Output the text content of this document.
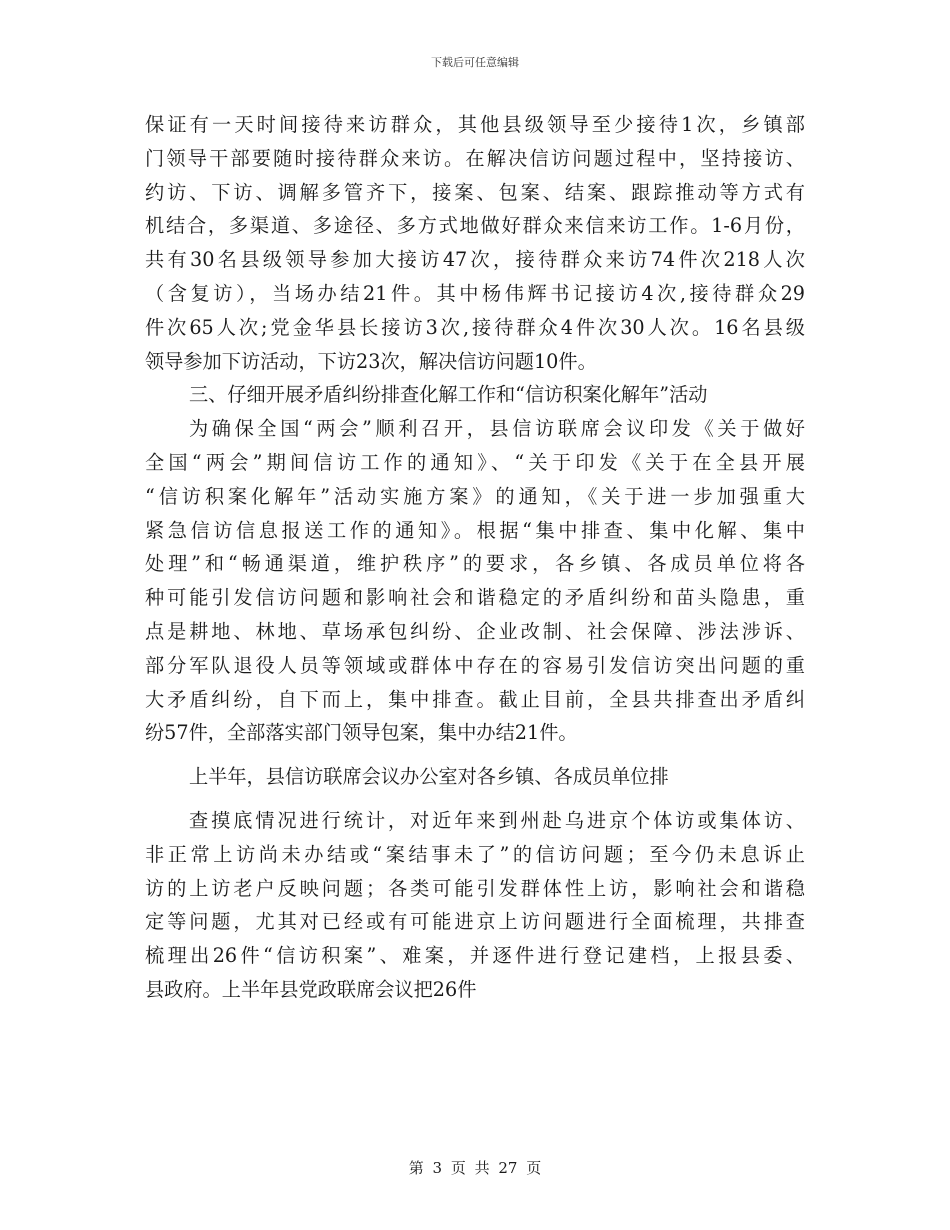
下载后可任意编辑
保证有一天时间接待来访群众，其他县级领导至少接待1次，乡镇部
门领导干部要随时接待群众来访。在解决信访问题过程中，坚持接访、
约访、下访、调解多管齐下，接案、包案、结案、跟踪推动等方式有
机结合，多渠道、多途径、多方式地做好群众来信来访工作。1-6月份，
共有30名县级领导参加大接访47次，接待群众来访74件次218人次
（含复访），当场办结21件。其中杨伟辉书记接访4次,接待群众29
件次65人次;党金华县长接访3次,接待群众4件次30人次。16名县级
领导参加下访活动，下访23次，解决信访问题10件。
三、仔细开展矛盾纠纷排查化解工作和“信访积案化解年”活动
为确保全国“两会”顺利召开，县信访联席会议印发《关于做好
全国“两会”期间信访工作的通知》、“关于印发《关于在全县开展
“信访积案化解年”活动实施方案》的通知，《关于进一步加强重大
紧急信访信息报送工作的通知》。根据“集中排查、集中化解、集中
处理”和“畅通渠道，维护秩序”的要求，各乡镇、各成员单位将各
种可能引发信访问题和影响社会和谐稳定的矛盾纠纷和苗头隐患，重
点是耕地、林地、草场承包纠纷、企业改制、社会保障、涉法涉诉、
部分军队退役人员等领域或群体中存在的容易引发信访突出问题的重
大矛盾纠纷，自下而上，集中排查。截止目前，全县共排查出矛盾纠
纷57件，全部落实部门领导包案，集中办结21件。
上半年，县信访联席会议办公室对各乡镇、各成员单位排
查摸底情况进行统计，对近年来到州赴乌进京个体访或集体访、
非正常上访尚未办结或“案结事未了”的信访问题；至今仍未息诉止
访的上访老户反映问题；各类可能引发群体性上访，影响社会和谐稳
定等问题，尤其对已经或有可能进京上访问题进行全面梳理，共排查
梳理出26件“信访积案”、难案，并逐件进行登记建档，上报县委、
县政府。上半年县党政联席会议把26件
第 3 页 共 27 页
